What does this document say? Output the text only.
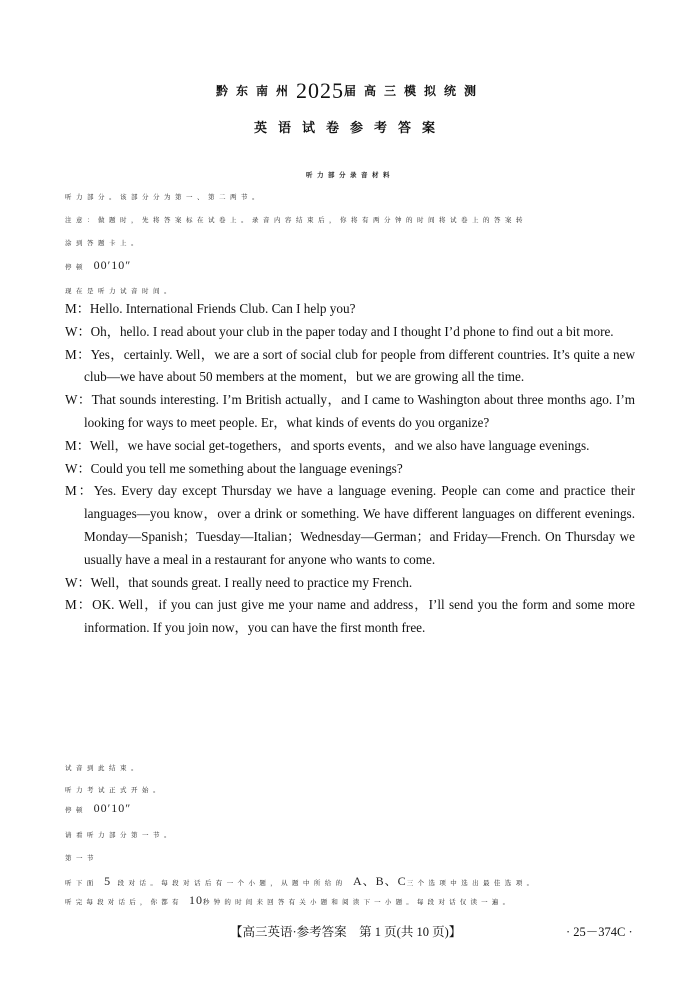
黔东南州2025届高三模拟统测
英语试卷参考答案
听力部分录音材料
听力部分。该部分分为第一、第二两节。
注意：做题时，先将答案标在试卷上。录音内容结束后，你将有两分钟的时间将试卷上的答案转
涂到答题卡上。
停顿 00′10″
现在是听力试音时间。

M：Hello. International Friends Club. Can I help you?

W：Oh，hello. I read about your club in the paper today and I thought I’d phone to find out a bit more.

M：Yes，certainly. Well，we are a sort of social club for people from different countries. It’s quite a new club—we have about 50 members at the moment，but we are growing all the time.

W：That sounds interesting. I’m British actually，and I came to Washington about three months ago. I’m looking for ways to meet people. Er，what kinds of events do you organize?

M：Well，we have social get-togethers，and sports events，and we also have language evenings.

W：Could you tell me something about the language evenings?

M：Yes. Every day except Thursday we have a language evening. People can come and practice their languages—you know，over a drink or something. We have different languages on different evenings. Monday—Spanish；Tuesday—Italian；Wednesday—German；and Friday—French. On Thursday we usually have a meal in a restaurant for anyone who wants to come.

W：Well，that sounds great. I really need to practice my French.

M：OK. Well，if you can just give me your name and address，I’ll send you the form and some more information. If you join now，you can have the first month free.

试音到此结束。
听力考试正式开始。
停顿 00′10″
请看听力部分第一节。
第一节
听下面 5 段对话。每段对话后有一个小题，从题中所给的 A、B、C三个选项中选出最佳选项。
听完每段对话后，你都有 10秒钟的时间来回答有关小题和阅读下一小题。每段对话仅读一遍。
【高三英语·参考答案　第 1 页(共 10 页)】	· 25－374C ·
